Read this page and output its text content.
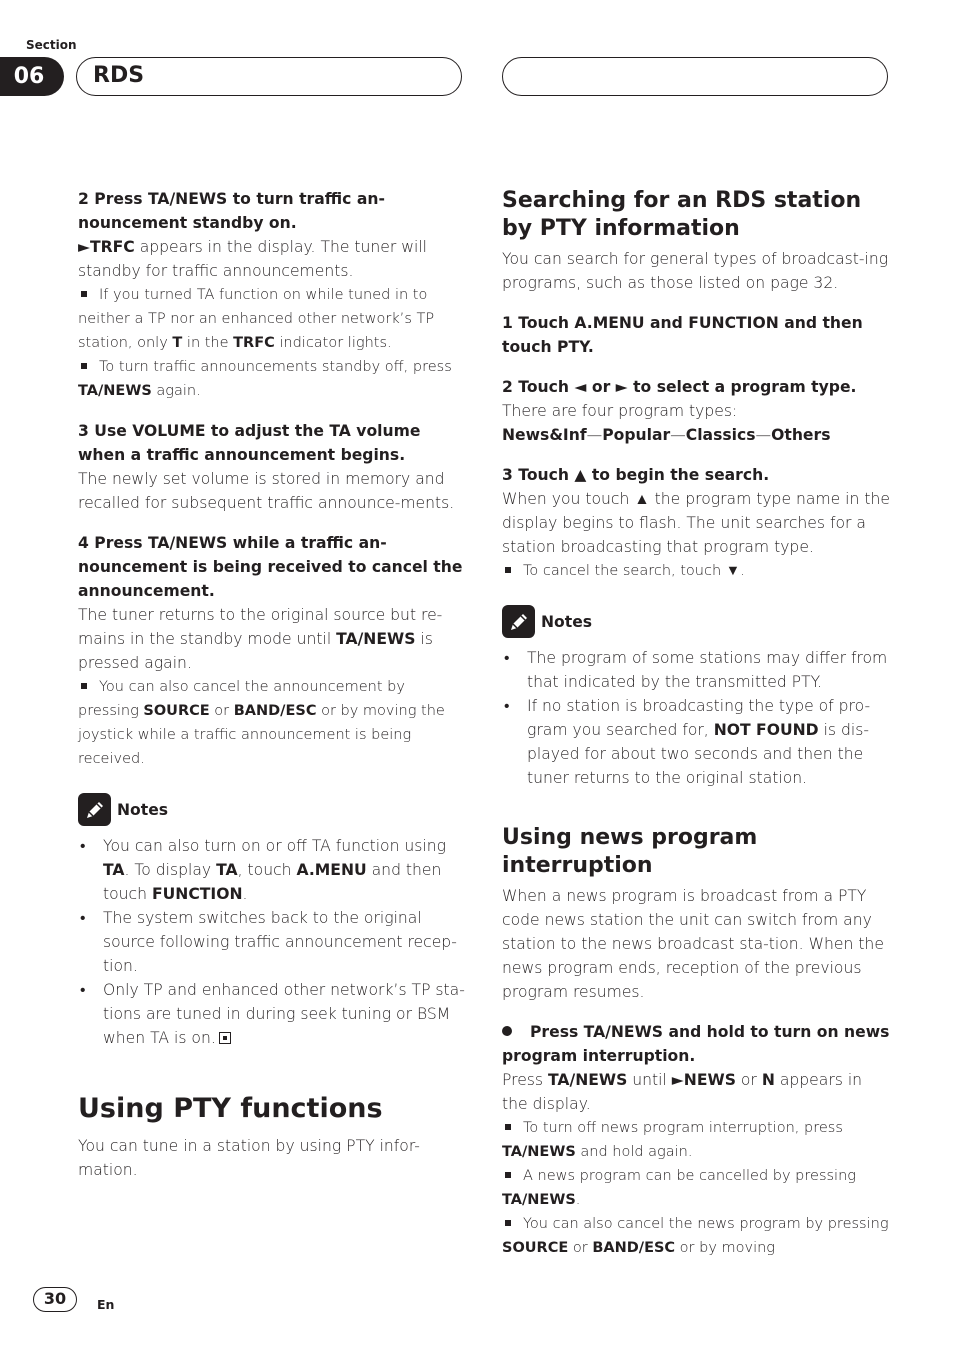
Section
06	RDS

2 Press TA/NEWS to turn traffic an-nouncement standby on.

►TRFC appears in the display. The tuner will standby for traffic announcements.

If you turned TA function on while tuned in to neither a TP nor an enhanced other network’s TP station, only T in the TRFC indicator lights.

To turn traffic announcements standby off, press TA/NEWS again.

3 Use VOLUME to adjust the TA volume when a traffic announcement begins.

The newly set volume is stored in memory and recalled for subsequent traffic announce-ments.

4 Press TA/NEWS while a traffic an-nouncement is being received to cancel the announcement.

The tuner returns to the original source but re-mains in the standby mode until TA/NEWS is pressed again.

You can also cancel the announcement by pressing SOURCE or BAND/ESC or by moving the joystick while a traffic announcement is being received.

Notes
• You can also turn on or off TA function using TA. To display TA, touch A.MENU and then touch FUNCTION.
• The system switches back to the original source following traffic announcement recep-tion.
• Only TP and enhanced other network’s TP sta-tions are tuned in during seek tuning or BSM when TA is on.

Using PTY functions

You can tune in a station by using PTY infor-mation.

Searching for an RDS station by PTY information

You can search for general types of broadcast-ing programs, such as those listed on page 32.

1 Touch A.MENU and FUNCTION and then touch PTY.

2 Touch ◄ or ► to select a program type.

There are four program types:

News&Inf—Popular—Classics—Others

3 Touch ▲ to begin the search.

When you touch ▲ the program type name in the display begins to flash. The unit searches for a station broadcasting that program type.

To cancel the search, touch ▼.

Notes
• The program of some stations may differ from that indicated by the transmitted PTY.
• If no station is broadcasting the type of pro-gram you searched for, NOT FOUND is dis-played for about two seconds and then the tuner returns to the original station.

Using news program interruption

When a news program is broadcast from a PTY code news station the unit can switch from any station to the news broadcast sta-tion. When the news program ends, reception of the previous program resumes.

Press TA/NEWS and hold to turn on news program interruption.

Press TA/NEWS until ►NEWS or N appears in the display.

To turn off news program interruption, press TA/NEWS and hold again.

A news program can be cancelled by pressing TA/NEWS.

You can also cancel the news program by pressing SOURCE or BAND/ESC or by moving

30	En
